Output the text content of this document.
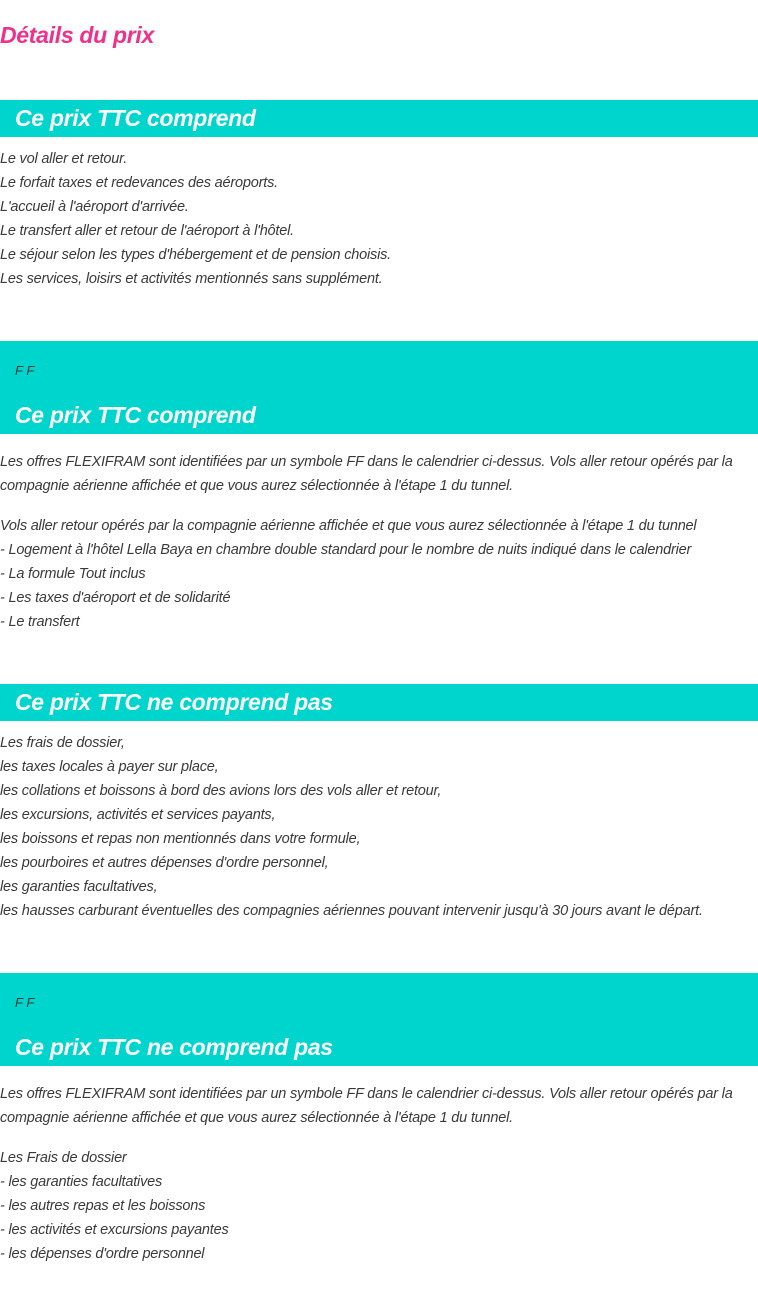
Détails du prix
Ce prix TTC comprend
Le vol aller et retour.
Le forfait taxes et redevances des aéroports.
L'accueil à l'aéroport d'arrivée.
Le transfert aller et retour de l'aéroport à l'hôtel.
Le séjour selon les types d'hébergement et de pension choisis.
Les services, loisirs et activités mentionnés sans supplément.
F F
Ce prix TTC comprend

Les offres FLEXIFRAM sont identifiées par un symbole FF dans le calendrier ci-dessus. Vols aller retour opérés par la compagnie aérienne affichée et que vous aurez sélectionnée à l'étape 1 du tunnel.

Vols aller retour opérés par la compagnie aérienne affichée et que vous aurez sélectionnée à l'étape 1 du tunnel
- Logement à l'hôtel Lella Baya en chambre double standard pour le nombre de nuits indiqué dans le calendrier
- La formule Tout inclus
- Les taxes d'aéroport et de solidarité
- Le transfert
Ce prix TTC ne comprend pas
Les frais de dossier,
les taxes locales à payer sur place,
les collations et boissons à bord des avions lors des vols aller et retour,
les excursions, activités et services payants,
les boissons et repas non mentionnés dans votre formule,
les pourboires et autres dépenses d'ordre personnel,
les garanties facultatives,
les hausses carburant éventuelles des compagnies aériennes pouvant intervenir jusqu'à 30 jours avant le départ.
F F
Ce prix TTC ne comprend pas

Les offres FLEXIFRAM sont identifiées par un symbole FF dans le calendrier ci-dessus. Vols aller retour opérés par la compagnie aérienne affichée et que vous aurez sélectionnée à l'étape 1 du tunnel.

Les Frais de dossier
- les garanties facultatives
- les autres repas et les boissons
- les activités et excursions payantes
- les dépenses d'ordre personnel
